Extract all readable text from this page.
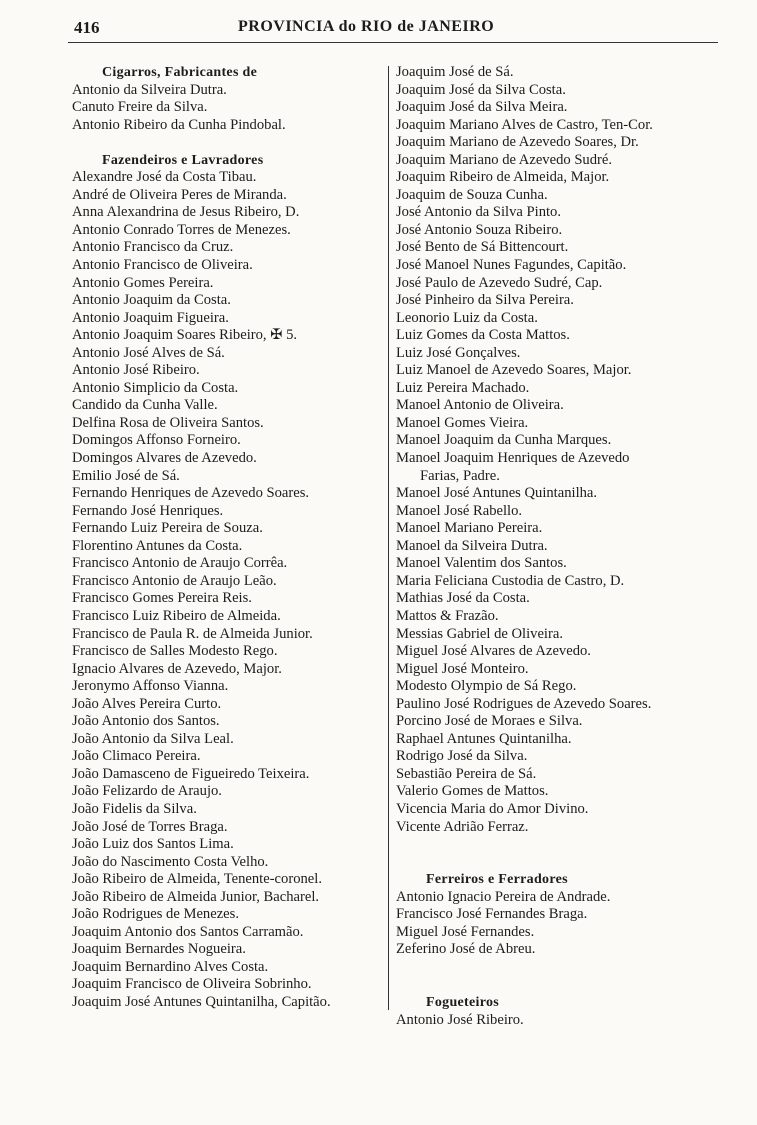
416	PROVINCIA do RIO de JANEIRO
Cigarros, Fabricantes de
Antonio da Silveira Dutra.
Canuto Freire da Silva.
Antonio Ribeiro da Cunha Pindobal.
Fazendeiros e Lavradores
Alexandre José da Costa Tibau.
André de Oliveira Peres de Miranda.
Anna Alexandrina de Jesus Ribeiro, D.
Antonio Conrado Torres de Menezes.
Antonio Francisco da Cruz.
Antonio Francisco de Oliveira.
Antonio Gomes Pereira.
Antonio Joaquim da Costa.
Antonio Joaquim Figueira.
Antonio Joaquim Soares Ribeiro, ✠ 5.
Antonio José Alves de Sá.
Antonio José Ribeiro.
Antonio Simplicio da Costa.
Candido da Cunha Valle.
Delfina Rosa de Oliveira Santos.
Domingos Affonso Forneiro.
Domingos Alvares de Azevedo.
Emilio José de Sá.
Fernando Henriques de Azevedo Soares.
Fernando José Henriques.
Fernando Luiz Pereira de Souza.
Florentino Antunes da Costa.
Francisco Antonio de Araujo Corrêa.
Francisco Antonio de Araujo Leão.
Francisco Gomes Pereira Reis.
Francisco Luiz Ribeiro de Almeida.
Francisco de Paula R. de Almeida Junior.
Francisco de Salles Modesto Rego.
Ignacio Alvares de Azevedo, Major.
Jeronymo Affonso Vianna.
João Alves Pereira Curto.
João Antonio dos Santos.
João Antonio da Silva Leal.
João Climaco Pereira.
João Damasceno de Figueiredo Teixeira.
João Felizardo de Araujo.
João Fidelis da Silva.
João José de Torres Braga.
João Luiz dos Santos Lima.
João do Nascimento Costa Velho.
João Ribeiro de Almeida, Tenente-coronel.
João Ribeiro de Almeida Junior, Bacharel.
João Rodrigues de Menezes.
Joaquim Antonio dos Santos Carramão.
Joaquim Bernardes Nogueira.
Joaquim Bernardino Alves Costa.
Joaquim Francisco de Oliveira Sobrinho.
Joaquim José Antunes Quintanilha, Capitão.
Joaquim José de Sá.
Joaquim José da Silva Costa.
Joaquim José da Silva Meira.
Joaquim Mariano Alves de Castro, Ten-Cor.
Joaquim Mariano de Azevedo Soares, Dr.
Joaquim Mariano de Azevedo Sudré.
Joaquim Ribeiro de Almeida, Major.
Joaquim de Souza Cunha.
José Antonio da Silva Pinto.
José Antonio Souza Ribeiro.
José Bento de Sá Bittencourt.
José Manoel Nunes Fagundes, Capitão.
José Paulo de Azevedo Sudré, Cap.
José Pinheiro da Silva Pereira.
Leonorio Luiz da Costa.
Luiz Gomes da Costa Mattos.
Luiz José Gonçalves.
Luiz Manoel de Azevedo Soares, Major.
Luiz Pereira Machado.
Manoel Antonio de Oliveira.
Manoel Gomes Vieira.
Manoel Joaquim da Cunha Marques.
Manoel Joaquim Henriques de Azevedo
Farias, Padre.
Manoel José Antunes Quintanilha.
Manoel José Rabello.
Manoel Mariano Pereira.
Manoel da Silveira Dutra.
Manoel Valentim dos Santos.
Maria Feliciana Custodia de Castro, D.
Mathias José da Costa.
Mattos & Frazão.
Messias Gabriel de Oliveira.
Miguel José Alvares de Azevedo.
Miguel José Monteiro.
Modesto Olympio de Sá Rego.
Paulino José Rodrigues de Azevedo Soares.
Porcino José de Moraes e Silva.
Raphael Antunes Quintanilha.
Rodrigo José da Silva.
Sebastião Pereira de Sá.
Valerio Gomes de Mattos.
Vicencia Maria do Amor Divino.
Vicente Adrião Ferraz.
Ferreiros e Ferradores
Antonio Ignacio Pereira de Andrade.
Francisco José Fernandes Braga.
Miguel José Fernandes.
Zeferino José de Abreu.
Fogueteiros
Antonio José Ribeiro.
